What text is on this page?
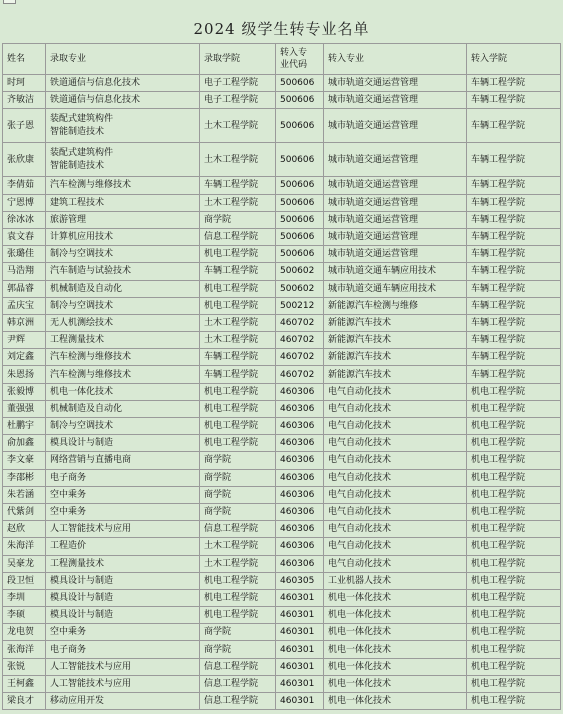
2024 级学生转专业名单
姓名	录取专业	录取学院	转入专
业代码	转入专业	转入学院
时珂	铁道通信与信息化技术	电子工程学院	500606	城市轨道交通运营管理	车辆工程学院
齐敏洁	铁道通信与信息化技术	电子工程学院	500606	城市轨道交通运营管理	车辆工程学院
张子恩	装配式建筑构件
智能制造技术	土木工程学院	500606	城市轨道交通运营管理	车辆工程学院
张欣康	装配式建筑构件
智能制造技术	土木工程学院	500606	城市轨道交通运营管理	车辆工程学院
李倩茹	汽车检测与维修技术	车辆工程学院	500606	城市轨道交通运营管理	车辆工程学院
宁恩博	建筑工程技术	土木工程学院	500606	城市轨道交通运营管理	车辆工程学院
徐冰冰	旅游管理	商学院	500606	城市轨道交通运营管理	车辆工程学院
袁文春	计算机应用技术	信息工程学院	500606	城市轨道交通运营管理	车辆工程学院
张璐佳	制冷与空调技术	机电工程学院	500606	城市轨道交通运营管理	车辆工程学院
马浩翔	汽车制造与试验技术	车辆工程学院	500602	城市轨道交通车辆应用技术	车辆工程学院
郭晶睿	机械制造及自动化	机电工程学院	500602	城市轨道交通车辆应用技术	车辆工程学院
孟庆宝	制冷与空调技术	机电工程学院	500212	新能源汽车检测与维修	车辆工程学院
韩京洲	无人机测绘技术	土木工程学院	460702	新能源汽车技术	车辆工程学院
尹辉	工程测量技术	土木工程学院	460702	新能源汽车技术	车辆工程学院
刘定鑫	汽车检测与维修技术	车辆工程学院	460702	新能源汽车技术	车辆工程学院
朱恩扬	汽车检测与维修技术	车辆工程学院	460702	新能源汽车技术	车辆工程学院
张毅博	机电一体化技术	机电工程学院	460306	电气自动化技术	机电工程学院
董强强	机械制造及自动化	机电工程学院	460306	电气自动化技术	机电工程学院
杜鹏宇	制冷与空调技术	机电工程学院	460306	电气自动化技术	机电工程学院
俞加鑫	模具设计与制造	机电工程学院	460306	电气自动化技术	机电工程学院
李文豪	网络营销与直播电商	商学院	460306	电气自动化技术	机电工程学院
李邵彬	电子商务	商学院	460306	电气自动化技术	机电工程学院
朱若涵	空中乘务	商学院	460306	电气自动化技术	机电工程学院
代紫剑	空中乘务	商学院	460306	电气自动化技术	机电工程学院
赵欣	人工智能技术与应用	信息工程学院	460306	电气自动化技术	机电工程学院
朱海洋	工程造价	土木工程学院	460306	电气自动化技术	机电工程学院
吴豪龙	工程测量技术	土木工程学院	460306	电气自动化技术	机电工程学院
段卫恒	模具设计与制造	机电工程学院	460305	工业机器人技术	机电工程学院
李圳	模具设计与制造	机电工程学院	460301	机电一体化技术	机电工程学院
李硕	模具设计与制造	机电工程学院	460301	机电一体化技术	机电工程学院
龙电贺	空中乘务	商学院	460301	机电一体化技术	机电工程学院
张海洋	电子商务	商学院	460301	机电一体化技术	机电工程学院
张锐	人工智能技术与应用	信息工程学院	460301	机电一体化技术	机电工程学院
王柯鑫	人工智能技术与应用	信息工程学院	460301	机电一体化技术	机电工程学院
梁良才	移动应用开发	信息工程学院	460301	机电一体化技术	机电工程学院
